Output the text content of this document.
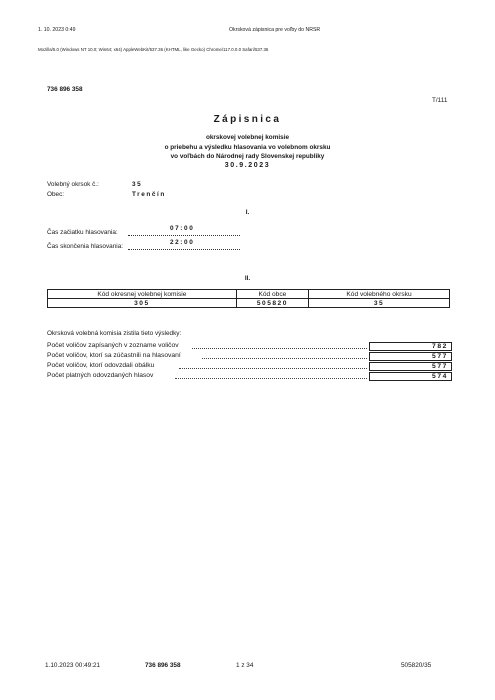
1. 10. 2023 0:49	Okrsková zápisnica pre voľby do NRSR
Mozilla/5.0 (Windows NT 10.0; Win64; x64) AppleWebKit/537.36 (KHTML, like Gecko) Chrome/117.0.0.0 Safari/537.36
736 896 358
T/111
Zápisnica
okrskovej volebnej komisie
o priebehu a výsledku hlasovania vo volebnom okrsku
vo voľbách do Národnej rady Slovenskej republiky
30.9.2023
Volebný okrsok č.:	35
Obec:	Trenčín
I.
Čas začiatku hlasovania:
07:00
Čas skončenia hlasovania:
22:00
II.
Kód okresnej volebnej komisie	Kód obce	Kód volebného okrsku
305	505820	35
Okrsková volebná komisia zistila tieto výsledky:
Počet voličov zapísaných v zozname voličov	782
Počet voličov, ktorí sa zúčastnili na hlasovaní	577
Počet voličov, ktorí odovzdali obálku	577
Počet platných odovzdaných hlasov	574
1.10.2023 00:49:21	736 896 358	1 z 34	505820/35
